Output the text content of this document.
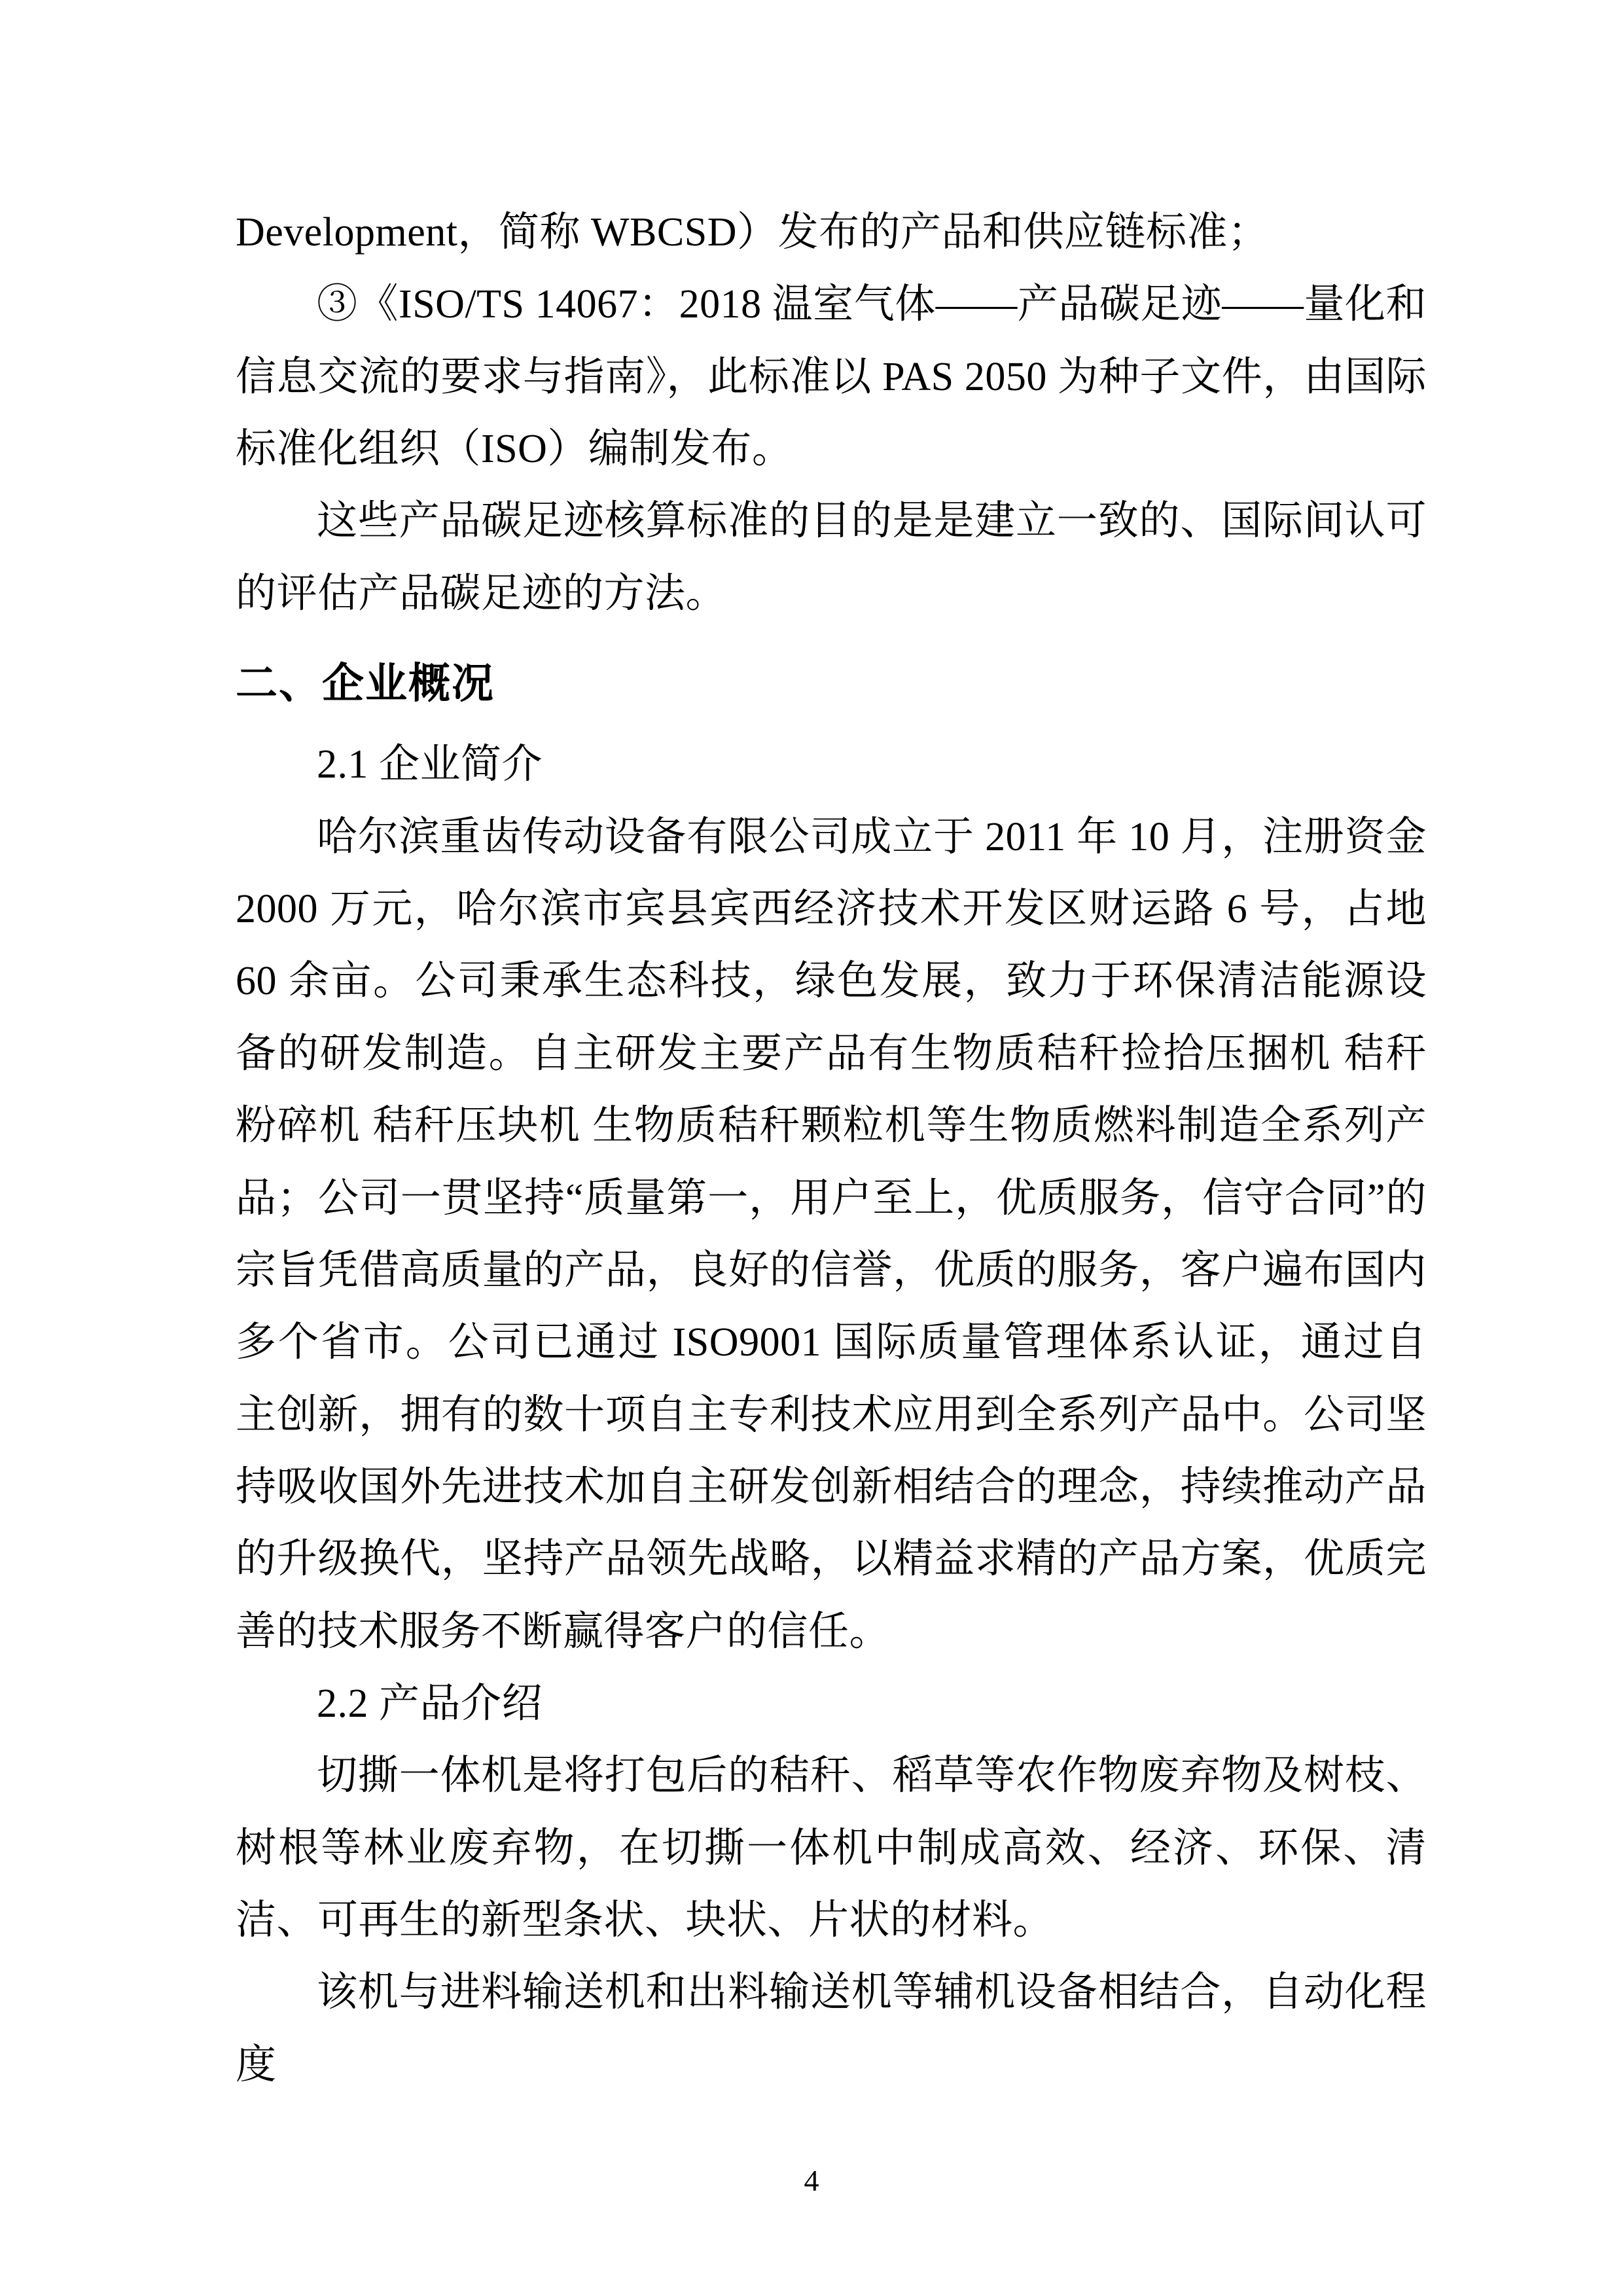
Development，简称 WBCSD）发布的产品和供应链标准；

③《ISO/TS 14067：2018 温室气体——产品碳足迹——量化和信息交流的要求与指南》，此标准以 PAS 2050 为种子文件，由国际标准化组织（ISO）编制发布。

这些产品碳足迹核算标准的目的是是建立一致的、国际间认可的评估产品碳足迹的方法。

二、企业概况

2.1 企业简介

哈尔滨重齿传动设备有限公司成立于 2011 年 10 月，注册资金 2000 万元，哈尔滨市宾县宾西经济技术开发区财运路 6 号，占地 60 余亩。公司秉承生态科技，绿色发展，致力于环保清洁能源设备的研发制造。自主研发主要产品有生物质秸秆捡拾压捆机 秸秆粉碎机 秸秆压块机 生物质秸秆颗粒机等生物质燃料制造全系列产品；公司一贯坚持“质量第一，用户至上，优质服务，信守合同”的宗旨凭借高质量的产品，良好的信誉，优质的服务，客户遍布国内多个省市。公司已通过 ISO9001 国际质量管理体系认证，通过自主创新，拥有的数十项自主专利技术应用到全系列产品中。公司坚持吸收国外先进技术加自主研发创新相结合的理念，持续推动产品的升级换代，坚持产品领先战略，以精益求精的产品方案，优质完善的技术服务不断赢得客户的信任。

2.2 产品介绍

切撕一体机是将打包后的秸秆、稻草等农作物废弃物及树枝、树根等林业废弃物，在切撕一体机中制成高效、经济、环保、清洁、可再生的新型条状、块状、片状的材料。

该机与进料输送机和出料输送机等辅机设备相结合，自动化程度

4
